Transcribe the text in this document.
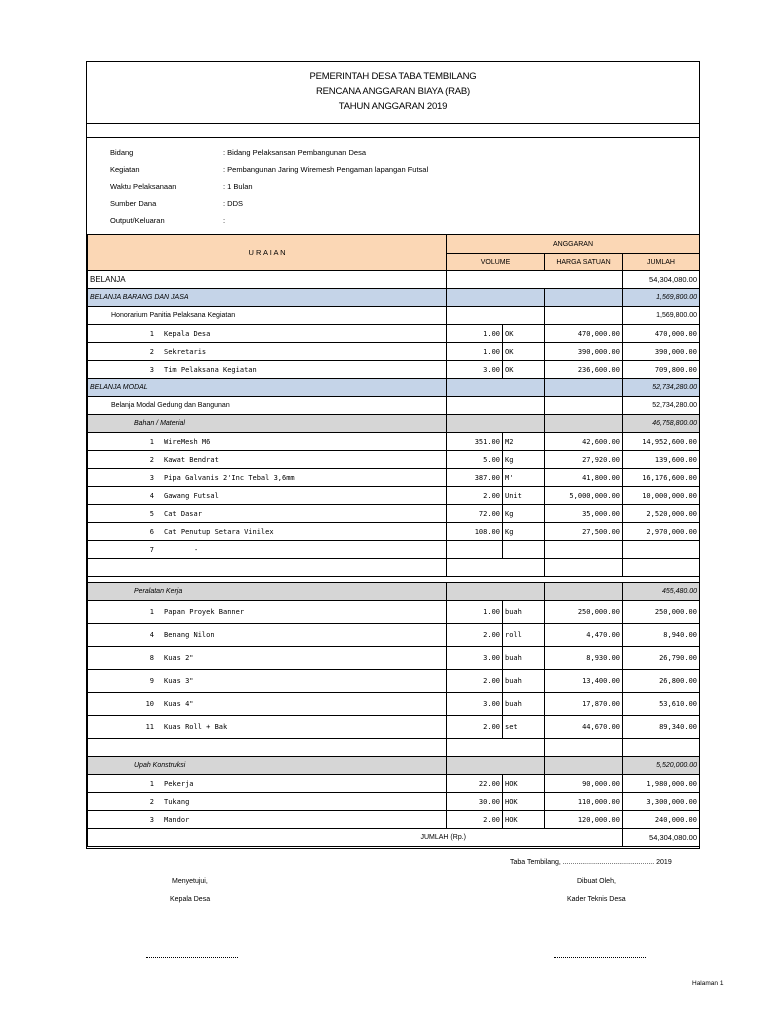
PEMERINTAH DESA TABA TEMBILANG
RENCANA ANGGARAN BIAYA (RAB)
TAHUN ANGGARAN 2019
Bidang	: Bidang Pelaksansan Pembangunan Desa
Kegiatan	: Pembangunan Jaring Wiremesh Pengaman lapangan Futsal
Waktu Pelaksanaan	: 1 Bulan
Sumber Dana	: DDS
Output/Keluaran	:
U R A I A N	ANGGARAN			
	VOLUME		HARGA SATUAN	JUMLAH
BELANJA				54,304,080.00
BELANJA BARANG DAN JASA				1,569,800.00
Honorarium Panitia Pelaksana Kegiatan				1,569,800.00
1 Kepala Desa	1.00	OK	470,000.00	470,000.00
2 Sekretaris	1.00	OK	390,000.00	390,000.00
3 Tim Pelaksana Kegiatan	3.00	OK	236,600.00	709,800.00
BELANJA MODAL				52,734,280.00
Belanja Modal Gedung dan Bangunan				52,734,280.00
Bahan / Material				46,758,800.00
1 WireMesh M6	351.00	M2	42,600.00	14,952,600.00
2 Kawat Bendrat	5.00	Kg	27,920.00	139,600.00
3 Pipa Galvanis 2'Inc Tebal 3,6mm	387.00	M'	41,800.00	16,176,600.00
4 Gawang Futsal	2.00	Unit	5,000,000.00	10,000,000.00
5 Cat Dasar	72.00	Kg	35,000.00	2,520,000.00
6 Cat Penutup Setara Vinilex	108.00	Kg	27,500.00	2,970,000.00
7 -				

Peralatan Kerja				455,480.00
1 Papan Proyek Banner	1.00	buah	250,000.00	250,000.00
4 Benang Nilon	2.00	roll	4,470.00	8,940.00
8 Kuas 2"	3.00	buah	8,930.00	26,790.00
9 Kuas 3"	2.00	buah	13,400.00	26,800.00
10 Kuas 4"	3.00	buah	17,870.00	53,610.00
11 Kuas Roll + Bak	2.00	set	44,670.00	89,340.00

Upah Konstruksi				5,520,000.00
1 Pekerja	22.00	HOK	90,000.00	1,980,000.00
2 Tukang	30.00	HOK	110,000.00	3,300,000.00
3 Mandor	2.00	HOK	120,000.00	240,000.00
JUMLAH (Rp.)				54,304,080.00
Taba Tembilang, ............................................... 2019
Menyetujui,
Kepala Desa
Dibuat Oleh,
Kader Teknis Desa
Halaman 1
